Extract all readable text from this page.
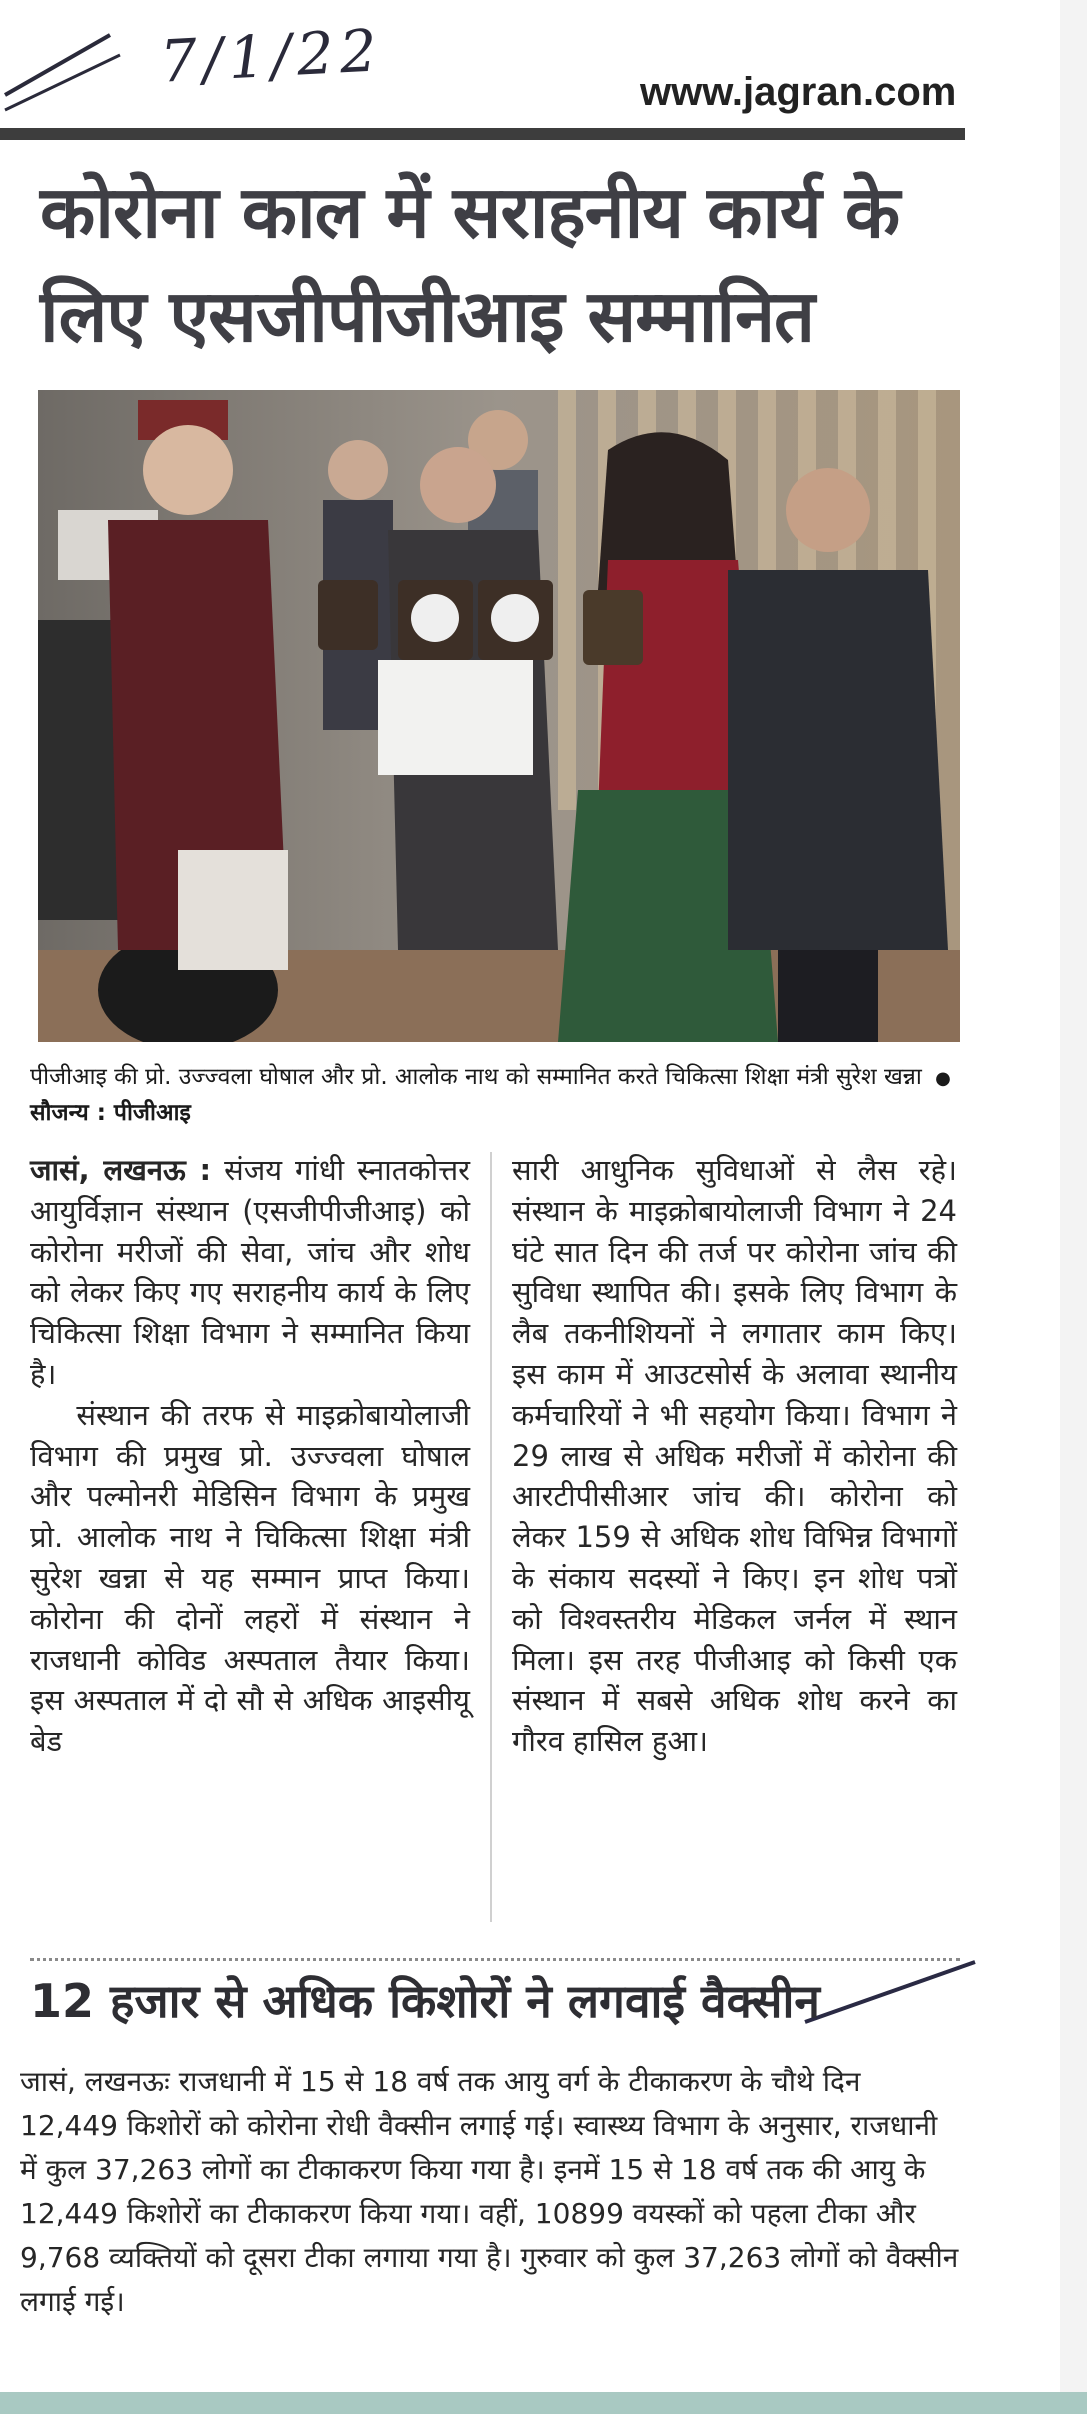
7/1/22	www.jagran.com
कोरोना काल में सराहनीय कार्य के लिए एसजीपीजीआइ सम्मानित
पीजीआइ की प्रो. उज्ज्वला घोषाल और प्रो. आलोक नाथ को सम्मानित करते चिकित्सा शिक्षा मंत्री सुरेश खन्ना ● सौजन्य : पीजीआइ

जासं, लखनऊ : संजय गांधी स्नातकोत्तर आयुर्विज्ञान संस्थान (एसजीपीजीआइ) को कोरोना मरीजों की सेवा, जांच और शोध को लेकर किए गए सराहनीय कार्य के लिए चिकित्सा शिक्षा विभाग ने सम्मानित किया है।

संस्थान की तरफ से माइक्रोबायोलाजी विभाग की प्रमुख प्रो. उज्ज्वला घोषाल और पल्मोनरी मेडिसिन विभाग के प्रमुख प्रो. आलोक नाथ ने चिकित्सा शिक्षा मंत्री सुरेश खन्ना से यह सम्मान प्राप्त किया। कोरोना की दोनों लहरों में संस्थान ने राजधानी कोविड अस्पताल तैयार किया। इस अस्पताल में दो सौ से अधिक आइसीयू बेड

सारी आधुनिक सुविधाओं से लैस रहे। संस्थान के माइक्रोबायोलाजी विभाग ने 24 घंटे सात दिन की तर्ज पर कोरोना जांच की सुविधा स्थापित की। इसके लिए विभाग के लैब तकनीशियनों ने लगातार काम किए। इस काम में आउटसोर्स के अलावा स्थानीय कर्मचारियों ने भी सहयोग किया। विभाग ने 29 लाख से अधिक मरीजों में कोरोना की आरटीपीसीआर जांच की। कोरोना को लेकर 159 से अधिक शोध विभिन्न विभागों के संकाय सदस्यों ने किए। इन शोध पत्रों को विश्वस्तरीय मेडिकल जर्नल में स्थान मिला। इस तरह पीजीआइ को किसी एक संस्थान में सबसे अधिक शोध करने का गौरव हासिल हुआ।

12 हजार से अधिक किशोरों ने लगवाई वैक्सीन
जासं, लखनऊः राजधानी में 15 से 18 वर्ष तक आयु वर्ग के टीकाकरण के चौथे दिन 12,449 किशोरों को कोरोना रोधी वैक्सीन लगाई गई। स्वास्थ्य विभाग के अनुसार, राजधानी में कुल 37,263 लोगों का टीकाकरण किया गया है। इनमें 15 से 18 वर्ष तक की आयु के 12,449 किशोरों का टीकाकरण किया गया। वहीं, 10899 वयस्कों को पहला टीका और 9,768 व्यक्तियों को दूसरा टीका लगाया गया है। गुरुवार को कुल 37,263 लोगों को वैक्सीन लगाई गई।
